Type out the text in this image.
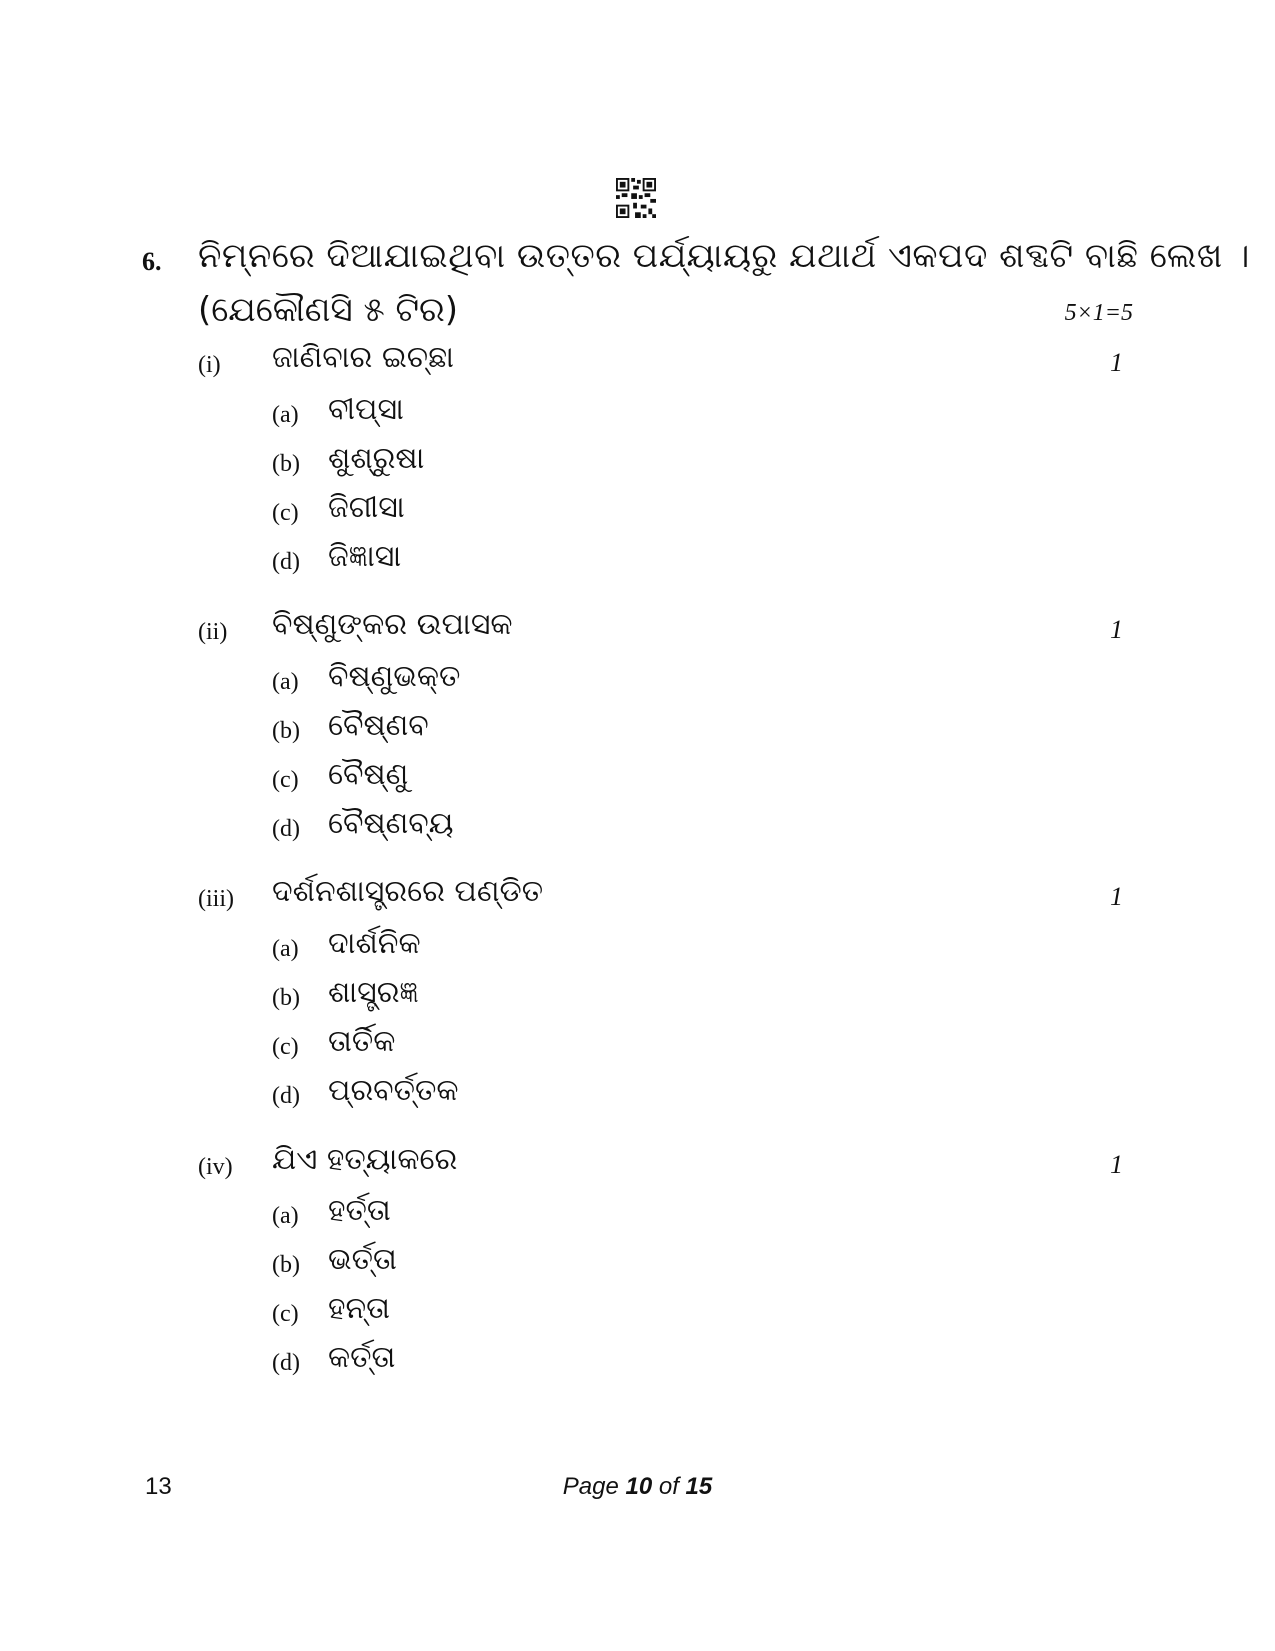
6. ନିମ୍ନରେ ଦିଆଯାଇଥିବା ଉତ୍ତର ପର୍ଯ୍ୟାୟରୁ ଯଥାର୍ଥ ଏକପଦ ଶବ୍ଦଟି ବାଛି ଲେଖ ।
(ଯେକୌଣସି ୫ ଟିର)	5×1=5
(i) ଜାଣିବାର ଇଚ୍ଛା	1
(a) ବୀପ୍‌ସା
(b) ଶୁଶ୍ରୁଷା
(c) ଜିଗୀସା
(d) ଜିଜ୍ଞାସା
(ii) ବିଷ୍ଣୁଙ୍କର ଉପାସକ	1
(a) ବିଷ୍ଣୁଭକ୍ତ
(b) ବୈଷ୍ଣବ
(c) ବୈଷ୍ଣୁ
(d) ବୈଷ୍ଣବ୍ୟ
(iii) ଦର୍ଶନଶାସ୍ତ୍ରରେ ପଣ୍ଡିତ	1
(a) ଦାର୍ଶନିକ
(b) ଶାସ୍ତ୍ରଜ୍ଞ
(c) ତାର୍ତିକ
(d) ପ୍ରବର୍ତ୍ତକ
(iv) ଯିଏ ହତ୍ୟାକରେ	1
(a) ହର୍ତ୍ତା
(b) ଭର୍ତ୍ତା
(c) ହନ୍ତା
(d) କର୍ତ୍ତା
13	Page 10 of 15
